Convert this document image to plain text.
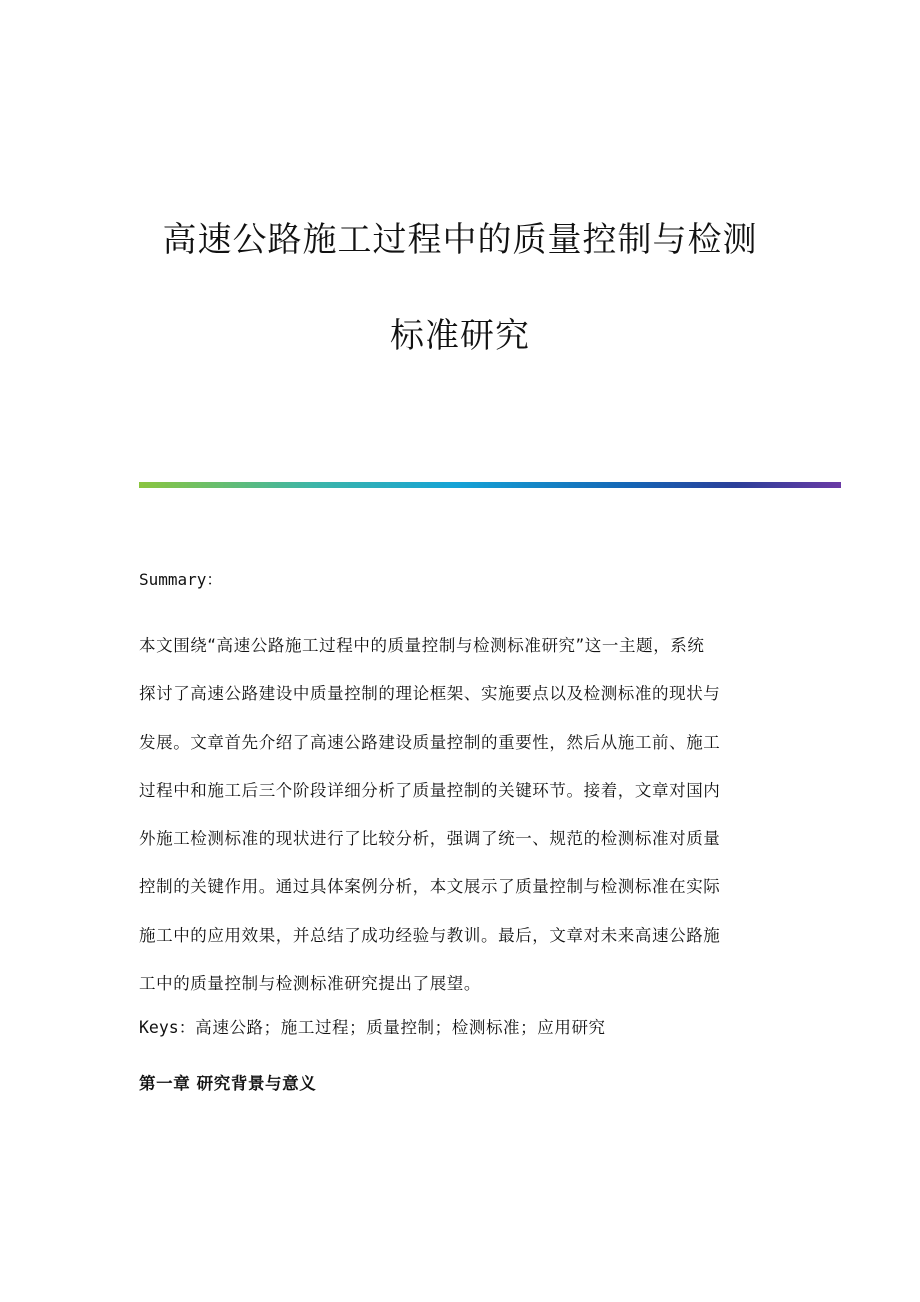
高速公路施工过程中的质量控制与检测
标准研究
Summary：
本文围绕“高速公路施工过程中的质量控制与检测标准研究”这一主题，系统
探讨了高速公路建设中质量控制的理论框架、实施要点以及检测标准的现状与
发展。文章首先介绍了高速公路建设质量控制的重要性，然后从施工前、施工
过程中和施工后三个阶段详细分析了质量控制的关键环节。接着，文章对国内
外施工检测标准的现状进行了比较分析，强调了统一、规范的检测标准对质量
控制的关键作用。通过具体案例分析，本文展示了质量控制与检测标准在实际
施工中的应用效果，并总结了成功经验与教训。最后，文章对未来高速公路施
工中的质量控制与检测标准研究提出了展望。
Keys：高速公路；施工过程；质量控制；检测标准；应用研究
第一章 研究背景与意义
